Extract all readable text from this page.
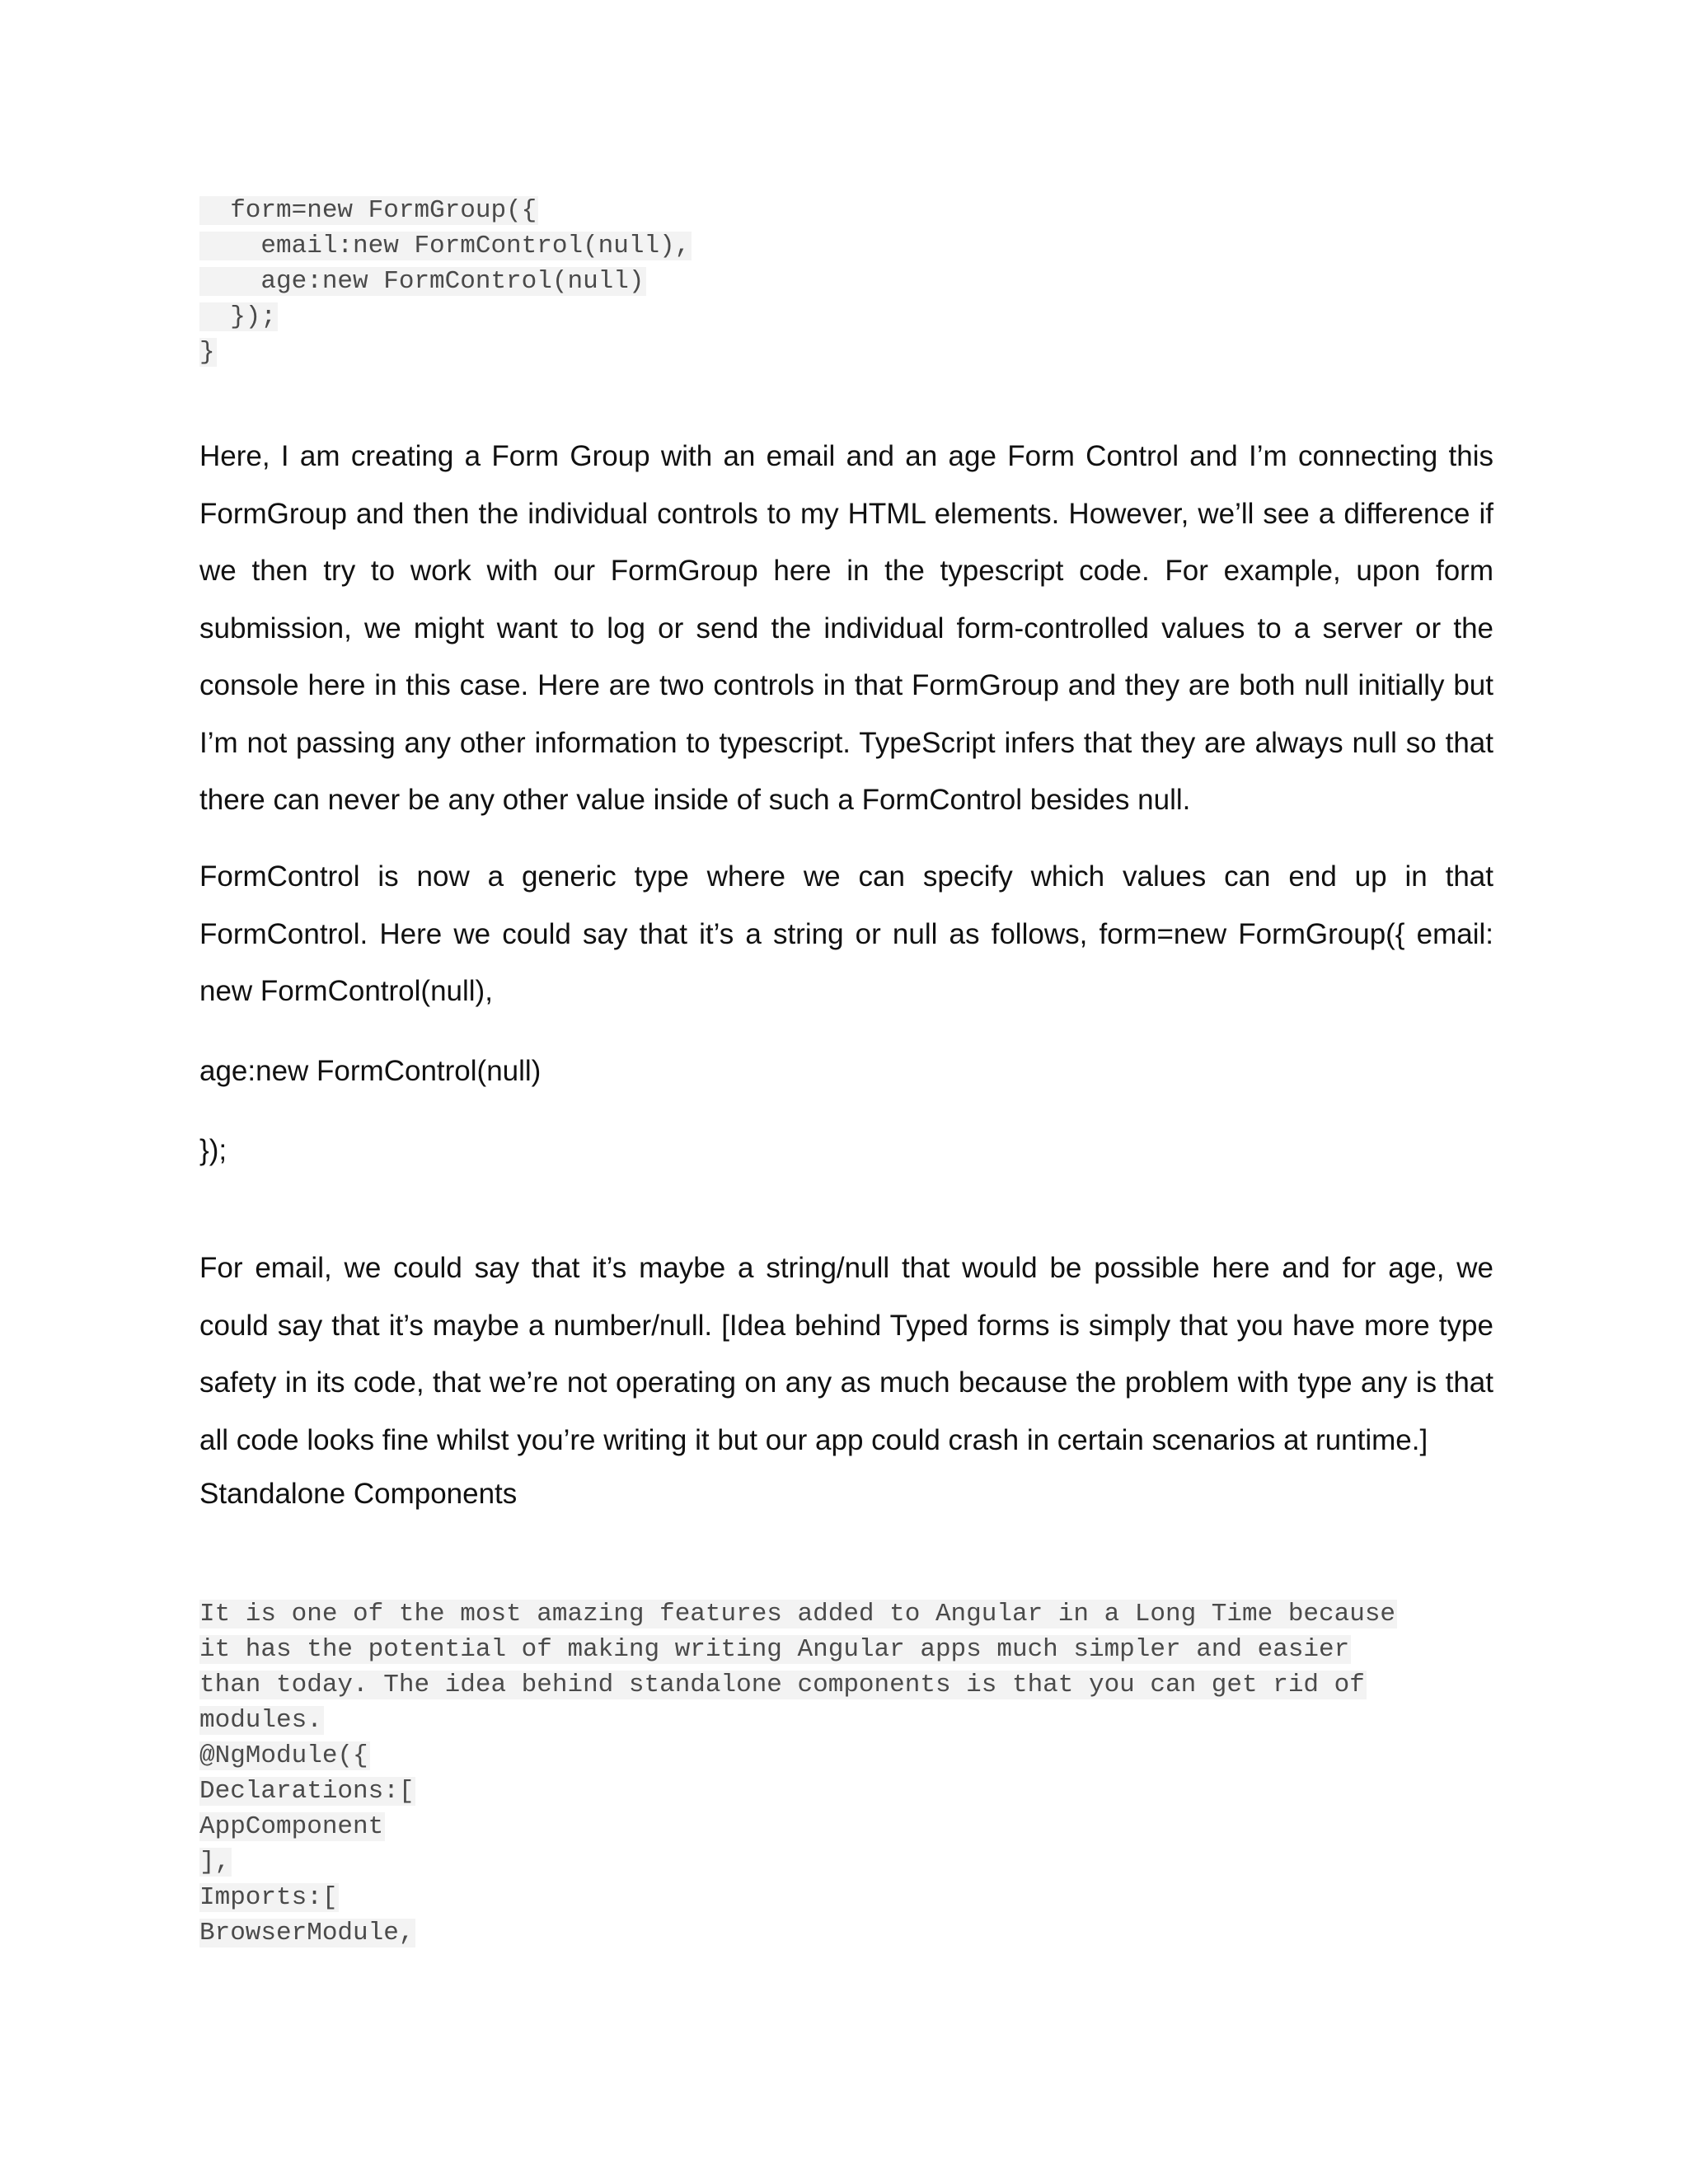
form=new FormGroup({
email:new FormControl(null),
age:new FormControl(null)
});
}

Here, I am creating a Form Group with an email and an age Form Control and I’m connecting this FormGroup and then the individual controls to my HTML elements. However, we’ll see a difference if we then try to work with our FormGroup here in the typescript code. For example, upon form submission, we might want to log or send the individual form-controlled values to a server or the console here in this case. Here are two controls in that FormGroup and they are both null initially but I’m not passing any other information to typescript. TypeScript infers that they are always null so that there can never be any other value inside of such a FormControl besides null.

FormControl is now a generic type where we can specify which values can end up in that FormControl. Here we could say that it’s a string or null as follows, form=new FormGroup({ email: new FormControl(null),

age:new FormControl(null)
});

For email, we could say that it’s maybe a string/null that would be possible here and for age, we could say that it’s maybe a number/null. [Idea behind Typed forms is simply that you have more type safety in its code, that we’re not operating on any as much because the problem with type any is that all code looks fine whilst you’re writing it but our app could crash in certain scenarios at runtime.]

Standalone Components
It is one of the most amazing features added to Angular in a Long Time because
it has the potential of making writing Angular apps much simpler and easier
than today. The idea behind standalone components is that you can get rid of
modules.
@NgModule({
Declarations:[
AppComponent
],
Imports:[
BrowserModule,
